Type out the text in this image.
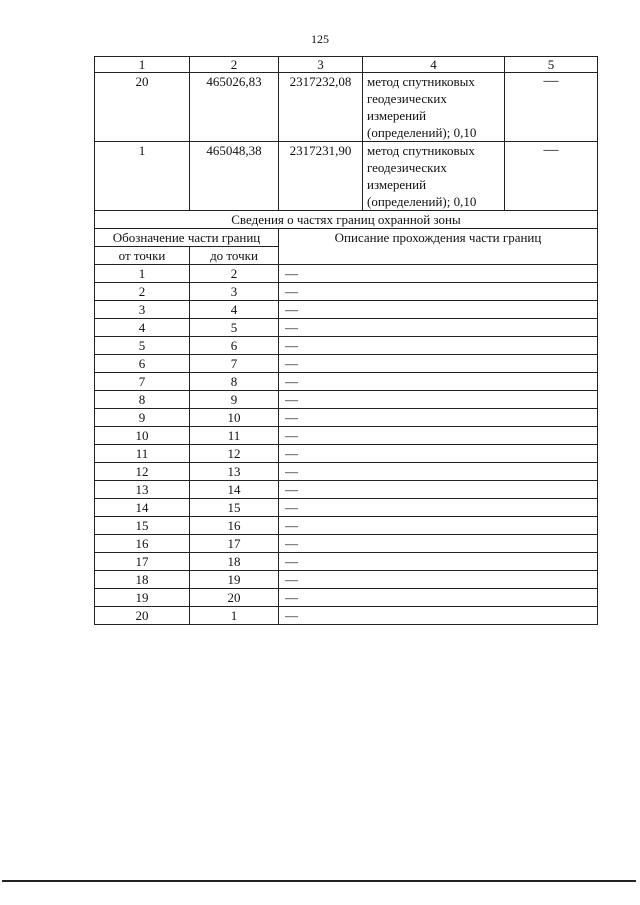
125
1	2	3	4	5
20	465026,83	2317232,08	метод спутниковых
геодезических
измерений
(определений); 0,10	—
1	465048,38	2317231,90	метод спутниковых
геодезических
измерений
(определений); 0,10	—
Сведения о частях границ охранной зоны				
Обозначение части границ		Описание прохождения части границ		
от точки	до точки			
1	2	—		
2	3	—		
3	4	—		
4	5	—		
5	6	—		
6	7	—		
7	8	—		
8	9	—		
9	10	—		
10	11	—		
11	12	—		
12	13	—		
13	14	—		
14	15	—		
15	16	—		
16	17	—		
17	18	—		
18	19	—		
19	20	—		
20	1	—		
